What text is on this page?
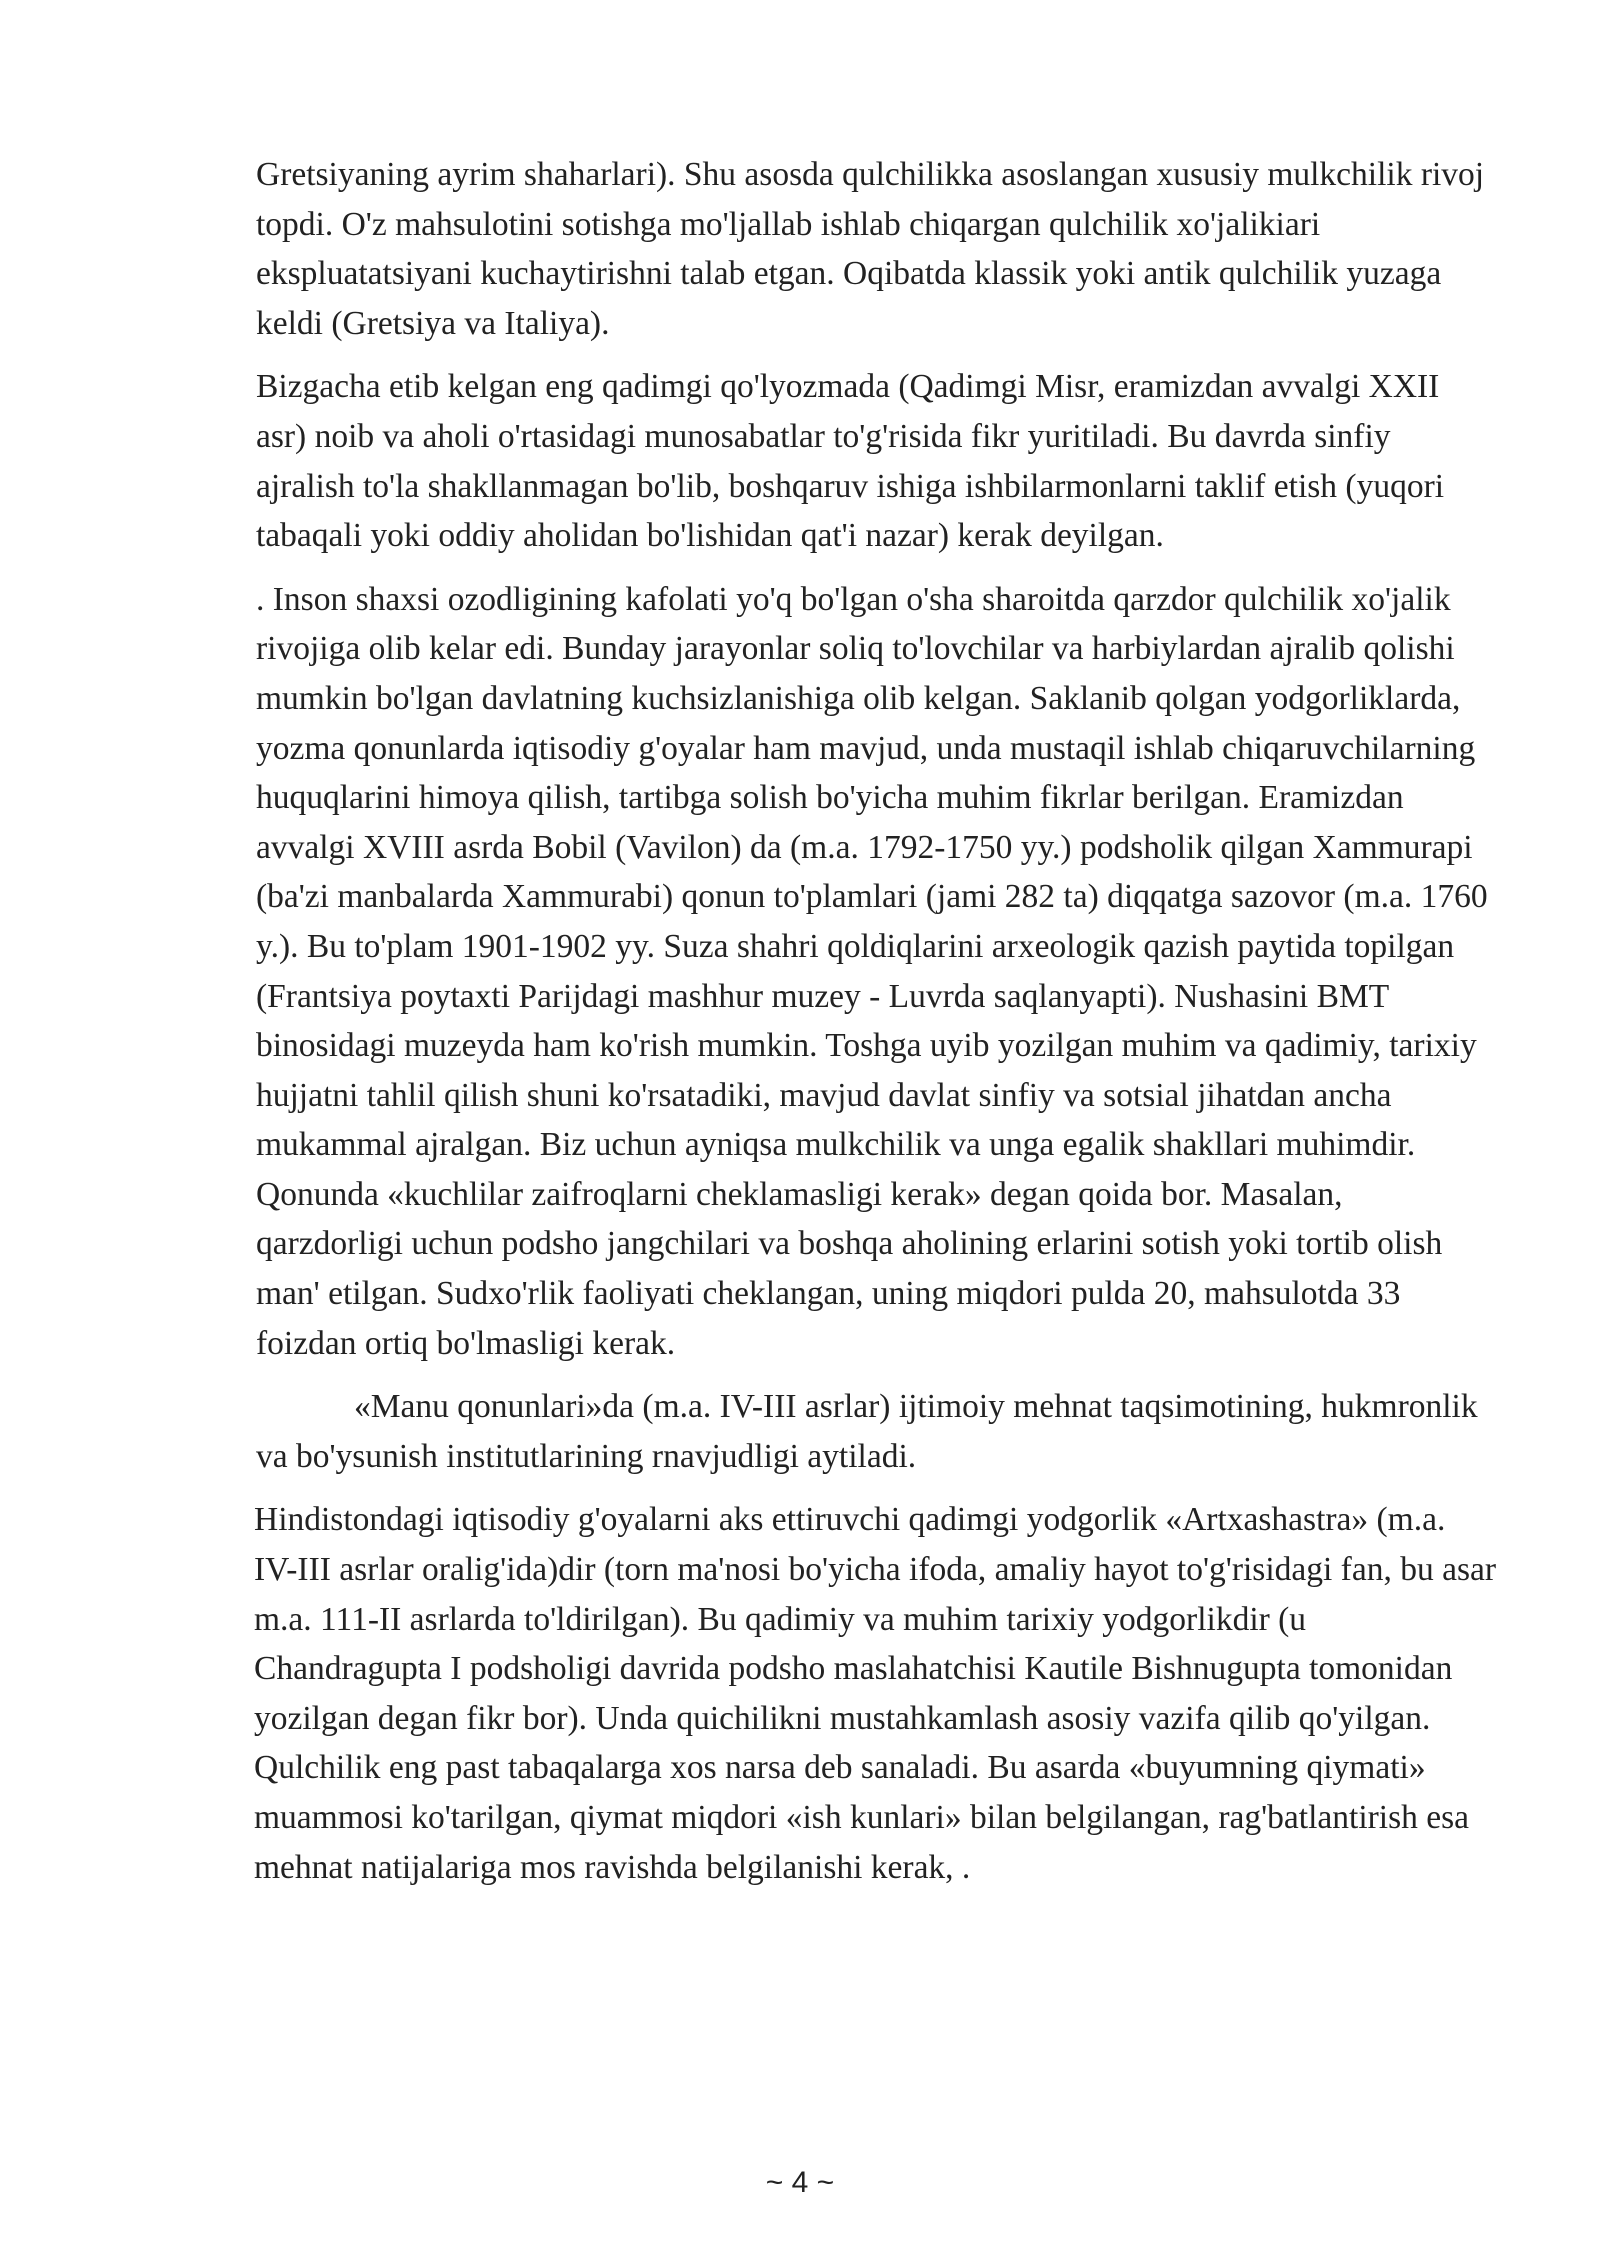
Gretsiyaning ayrim shaharlari). Shu asosda qulchilikka asoslangan xususiy mulkchilik rivoj topdi. O'z mahsulotini sotishga mo'ljallab ishlab chiqargan qulchilik xo'jalikiari ekspluatatsiyani kuchaytirishni talab etgan. Oqibatda klassik yoki antik qulchilik yuzaga keldi (Gretsiya va Italiya).

Bizgacha etib kelgan eng qadimgi qo'lyozmada (Qadimgi Misr, eramizdan avvalgi XXII asr) noib va aholi o'rtasidagi munosabatlar to'g'risida fikr yuritiladi. Bu davrda sinfiy ajralish to'la shakllanmagan bo'lib, boshqaruv ishiga ishbilarmonlarni taklif etish (yuqori tabaqali yoki oddiy aholidan bo'lishidan qat'i nazar) kerak deyilgan.

. Inson shaxsi ozodligining kafolati yo'q bo'lgan o'sha sharoitda qarzdor qulchilik xo'jalik rivojiga olib kelar edi. Bunday jarayonlar soliq to'lovchilar va harbiylardan ajralib qolishi mumkin bo'lgan davlatning kuchsizlanishiga olib kelgan. Saklanib qolgan yodgorliklarda, yozma qonunlarda iqtisodiy g'oyalar ham mavjud, unda mustaqil ishlab chiqaruvchilarning huquqlarini himoya qilish, tartibga solish bo'yicha muhim fikrlar berilgan. Eramizdan avvalgi XVIII asrda Bobil (Vavilon) da (m.a. 1792-1750 yy.) podsholik qilgan Xammurapi (ba'zi manbalarda Xammurabi) qonun to'plamlari (jami 282 ta) diqqatga sazovor (m.a. 1760 y.). Bu to'plam 1901-1902 yy. Suza shahri qoldiqlarini arxeologik qazish paytida topilgan (Frantsiya poytaxti Parijdagi mashhur muzey - Luvrda saqlanyapti). Nushasini BMT binosidagi muzeyda ham ko'rish mumkin. Toshga uyib yozilgan muhim va qadimiy, tarixiy hujjatni tahlil qilish shuni ko'rsatadiki, mavjud davlat sinfiy va sotsial jihatdan ancha mukammal ajralgan. Biz uchun ayniqsa mulkchilik va unga egalik shakllari muhimdir. Qonunda «kuchlilar zaifroqlarni cheklamasligi kerak» degan qoida bor. Masalan, qarzdorligi uchun podsho jangchilari va boshqa aholining erlarini sotish yoki tortib olish man' etilgan. Sudxo'rlik faoliyati cheklangan, uning miqdori pulda 20, mahsulotda 33 foizdan ortiq bo'lmasligi kerak.

«Manu qonunlari»da (m.a. IV-III asrlar) ijtimoiy mehnat taqsimotining, hukmronlik va bo'ysunish institutlarining rnavjudligi aytiladi.

Hindistondagi iqtisodiy g'oyalarni aks ettiruvchi qadimgi yodgorlik «Artxashastra» (m.a. IV-III asrlar oralig'ida)dir (torn ma'nosi bo'yicha ifoda, amaliy hayot to'g'risidagi fan, bu asar m.a. 111-II asrlarda to'ldirilgan). Bu qadimiy va muhim tarixiy yodgorlikdir (u Chandragupta I podsholigi davrida podsho maslahatchisi Kautile Bishnugupta tomonidan yozilgan degan fikr bor). Unda quichilikni mustahkamlash asosiy vazifa qilib qo'yilgan. Qulchilik eng past tabaqalarga xos narsa deb sanaladi. Bu asarda «buyumning qiymati» muammosi ko'tarilgan, qiymat miqdori «ish kunlari» bilan belgilangan, rag'batlantirish esa mehnat natijalariga mos ravishda belgilanishi kerak, .

~ 4 ~
